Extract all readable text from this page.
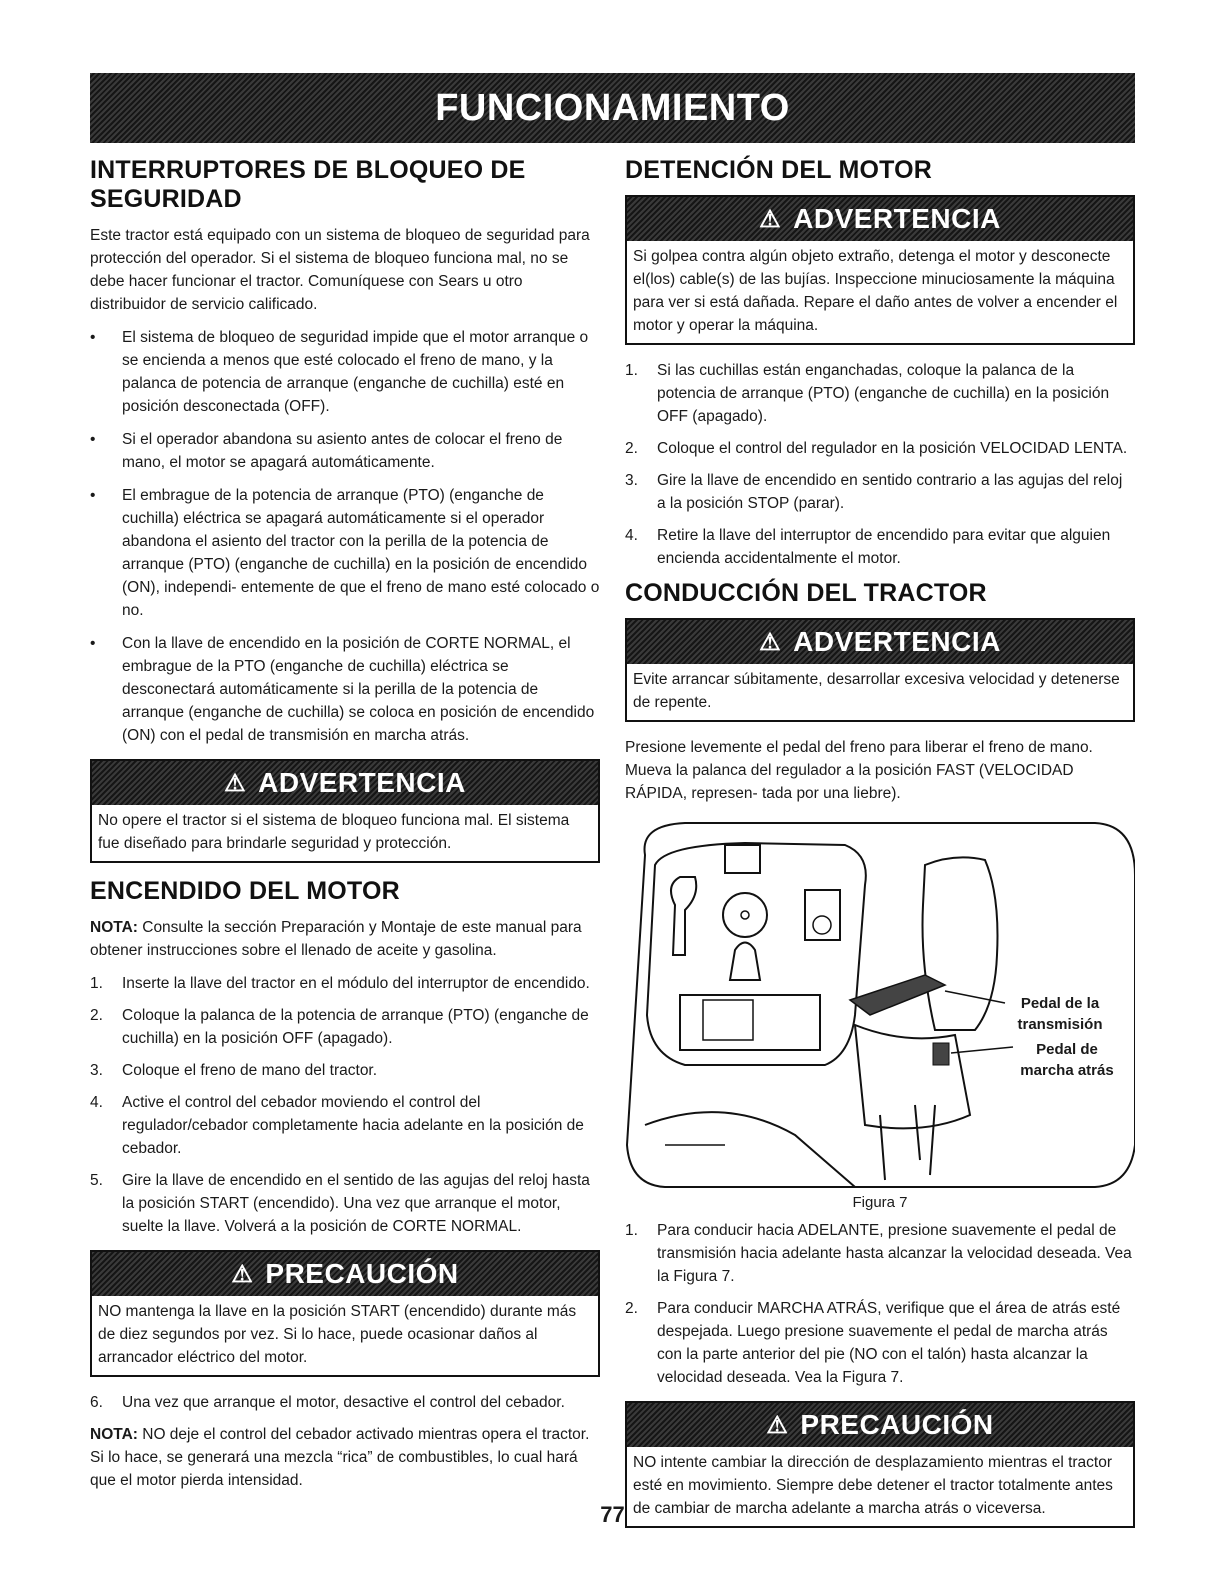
FUNCIONAMIENTO
INTERRUPTORES DE BLOQUEO DE SEGURIDAD

Este tractor está equipado con un sistema de bloqueo de seguridad para protección del operador. Si el sistema de bloqueo funciona mal, no se debe hacer funcionar el tractor. Comuníquese con Sears u otro distribuidor de servicio calificado.

• El sistema de bloqueo de seguridad impide que el motor arranque o se encienda a menos que esté colocado el freno de mano, y la palanca de potencia de arranque (enganche de cuchilla) esté en posición desconectada (OFF).
• Si el operador abandona su asiento antes de colocar el freno de mano, el motor se apagará automáticamente.
• El embrague de la potencia de arranque (PTO) (enganche de cuchilla) eléctrica se apagará automáticamente si el operador abandona el asiento del tractor con la perilla de la potencia de arranque (PTO) (enganche de cuchilla) en la posición de encendido (ON), independi- entemente de que el freno de mano esté colocado o no.
• Con la llave de encendido en la posición de CORTE NORMAL, el embrague de la PTO (enganche de cuchilla) eléctrica se desconectará automáticamente si la perilla de la potencia de arranque (enganche de cuchilla) se coloca en posición de encendido (ON) con el pedal de transmisión en marcha atrás.
⚠ ADVERTENCIA
No opere el tractor si el sistema de bloqueo funciona mal. El sistema fue diseñado para brindarle seguridad y protección.
ENCENDIDO DEL MOTOR

NOTA: Consulte la sección Preparación y Montaje de este manual para obtener instrucciones sobre el llenado de aceite y gasolina.

1. Inserte la llave del tractor en el módulo del interruptor de encendido.
2. Coloque la palanca de la potencia de arranque (PTO) (enganche de cuchilla) en la posición OFF (apagado).
3. Coloque el freno de mano del tractor.
4. Active el control del cebador moviendo el control del regulador/cebador completamente hacia adelante en la posición de cebador.
5. Gire la llave de encendido en el sentido de las agujas del reloj hasta la posición START (encendido). Una vez que arranque el motor, suelte la llave. Volverá a la posición de CORTE NORMAL.
⚠ PRECAUCIÓN
NO mantenga la llave en la posición START (encendido) durante más de diez segundos por vez. Si lo hace, puede ocasionar daños al arrancador eléctrico del motor.
6. Una vez que arranque el motor, desactive el control del cebador.

NOTA: NO deje el control del cebador activado mientras opera el tractor. Si lo hace, se generará una mezcla “rica” de combustibles, lo cual hará que el motor pierda intensidad.

DETENCIÓN DEL MOTOR
⚠ ADVERTENCIA
Si golpea contra algún objeto extraño, detenga el motor y desconecte el(los) cable(s) de las bujías. Inspeccione minuciosamente la máquina para ver si está dañada. Repare el daño antes de volver a encender el motor y operar la máquina.
1. Si las cuchillas están enganchadas, coloque la palanca de la potencia de arranque (PTO) (enganche de cuchilla) en la posición OFF (apagado).
2. Coloque el control del regulador en la posición VELOCIDAD LENTA.
3. Gire la llave de encendido en sentido contrario a las agujas del reloj a la posición STOP (parar).
4. Retire la llave del interruptor de encendido para evitar que alguien encienda accidentalmente el motor.
CONDUCCIÓN DEL TRACTOR
⚠ ADVERTENCIA
Evite arrancar súbitamente, desarrollar excesiva velocidad y detenerse de repente.

Presione levemente el pedal del freno para liberar el freno de mano. Mueva la palanca del regulador a la posición FAST (VELOCIDAD RÁPIDA, represen- tada por una liebre).

Pedal de la transmisión
Pedal de marcha atrás
Figura 7
1. Para conducir hacia ADELANTE, presione suavemente el pedal de transmisión hacia adelante hasta alcanzar la velocidad deseada. Vea la Figura 7.
2. Para conducir MARCHA ATRÁS, verifique que el área de atrás esté despejada. Luego presione suavemente el pedal de marcha atrás con la parte anterior del pie (NO con el talón) hasta alcanzar la velocidad deseada. Vea la Figura 7.
⚠ PRECAUCIÓN
NO intente cambiar la dirección de desplazamiento mientras el tractor esté en movimiento. Siempre debe detener el tractor totalmente antes de cambiar de marcha adelante a marcha atrás o viceversa.
77
